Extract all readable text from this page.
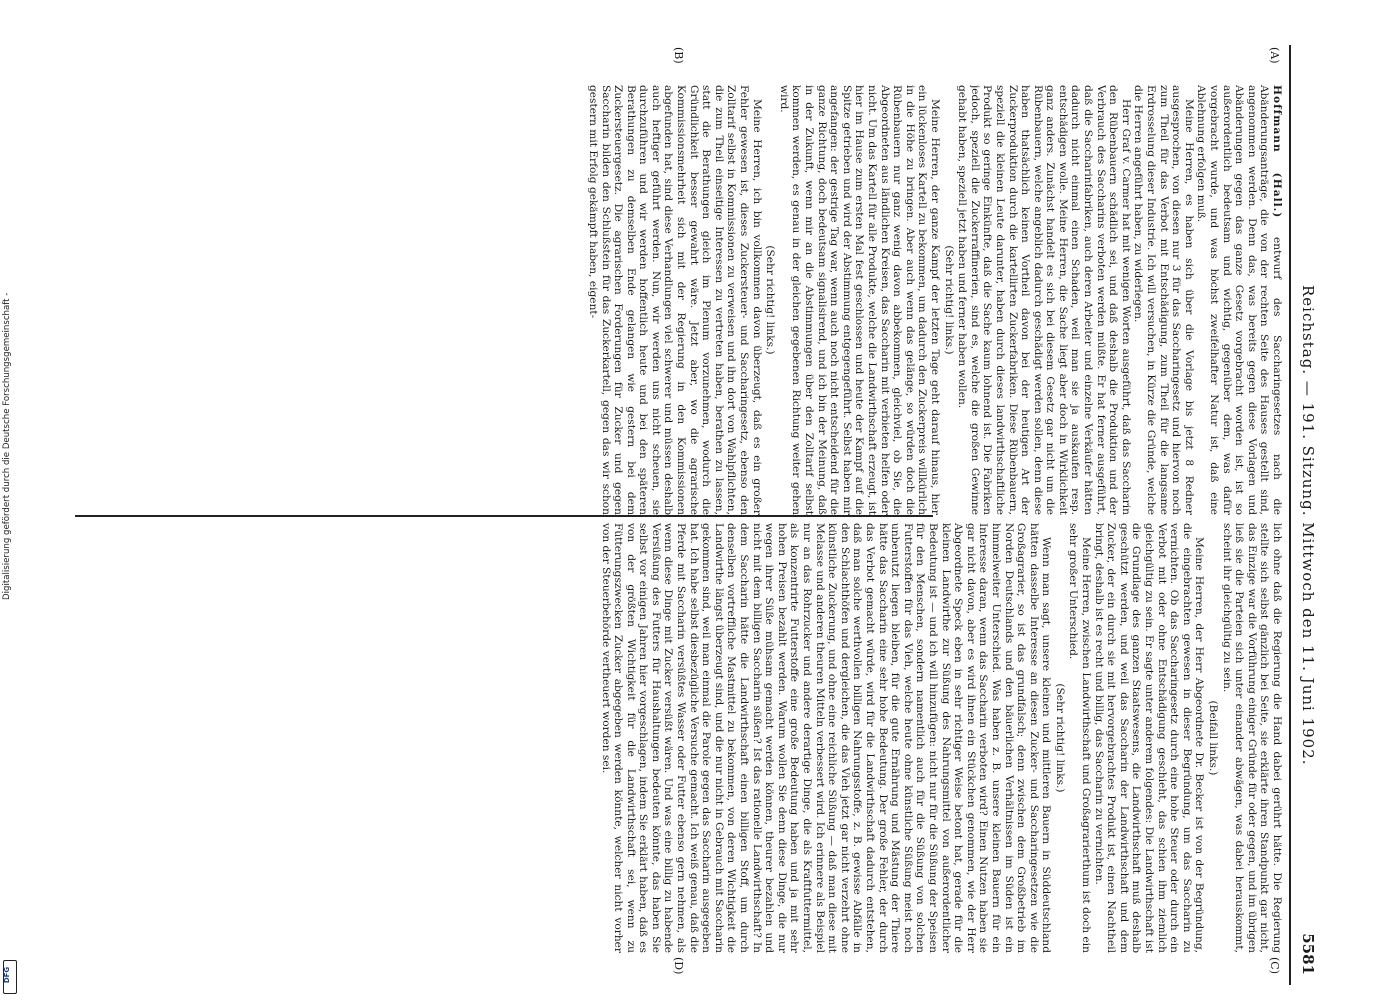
Digitalisierung gefördert durch die Deutsche Forschungsgemeinschaft -
DFG
Reichstag. — 191. Sitzung. Mittwoch den 11. Juni 1902.
5581
(A)
(B)
(C)
(D)

Hoffmann (Hall.) entwurf des Saccharingesetzes nach die Abänderungsanträge, die von der rechten Seite des Hauses gestellt sind, angenommen werden. Denn das, was bereits gegen diese Vorlagen und Abänderungen gegen das ganze Gesetz vorgebracht worden ist, ist so außerordentlich bedeutsam und wichtig, gegenüber dem, was dafür vorgebracht wurde, und was höchst zweifelhafter Natur ist, daß eine Ablehnung erfolgen muß.

Meine Herren, es haben sich über die Vorlage bis jetzt 8 Redner ausgesprochen, von diesen nur 3 für das Saccharingesetz und hiervon noch zum Theil für das Verbot mit Entschädigung, zum Theil für die langsame Erdrosselung dieser Industrie. Ich will versuchen, in Kürze die Gründe, welche die Herren angeführt haben, zu widerlegen.

Herr Graf v. Carmer hat mit wenigen Worten ausgeführt, daß das Saccharin den Rübenbauern schädlich sei, und daß deshalb die Produktion und der Verbrauch des Saccharins verboten werden müßte. Er hat ferner ausgeführt, daß die Saccharinfabriken, auch deren Arbeiter und einzelne Verkäufer hätten dadurch nicht einmal einen Schaden, weil man sie ja auskaufen resp. entschädigen wolle. Meine Herren, die Sache liegt aber doch in Wirklichkeit ganz anders. Zunächst handelt es sich bei diesem Gesetz gar nicht um die Rübenbauern, welche angeblich dadurch geschädigt werden sollen, denn diese haben thatsächlich keinen Vortheil davon bei der heutigen Art der Zuckerproduktion durch die kartellirten Zuckerfabriken. Diese Rübenbauern, speziell die kleinen Leute darunter, haben durch dieses landwirthschaftliche Produkt so geringe Einkünfte, daß die Sache kaum lohnend ist. Die Fabriken jedoch, speziell die Zuckerraffinerien, sind es, welche die großen Gewinne gehabt haben, speziell jetzt haben und ferner haben wollen.

(Sehr richtig! links.)

Meine Herren, der ganze Kampf der letzten Tage geht darauf hinaus, hier ein lückenloses Kartell zu bekommen, um dadurch den Zuckerpreis willkürlich in die Höhe zu bringen. Aber auch wenn das gelänge, so würden doch die Rübenbauern nur ganz wenig davon abbekommen, gleichviel, ob Sie, die Abgeordneten aus ländlichen Kreisen, das Saccharin mit verbieten helfen oder nicht. Um das Kartell für alle Produkte, welche die Landwirthschaft erzeugt, ist hier im Hause zum ersten Mal fest geschlossen und heute der Kampf auf die Spitze getrieben und wird der Abstimmung entgegengeführt. Selbst haben mir angefangen: der gestrige Tag war, wenn auch noch nicht entscheidend für die ganze Richtung, doch bedeutsam signalisirend, und ich bin der Meinung, daß in der Zukunft, wenn mir an die Abstimmungen über den Zolltarif selbst kommen werden, es genau in der gleichen gegebenen Richtung weiter gehen wird.

(Sehr richtig! links.)

Meine Herren, ich bin vollkommen davon überzeugt, daß es ein großer Fehler gewesen ist, dieses Zuckersteuer- und Saccharingesetz, ebenso den Zolltarif selbst in Kommissionen zu verweisen und ihn dort von Wahlpflichten, die zum Theil einseitige Interessen zu vertreten haben, berathen zu lassen, statt die Berathungen gleich im Plenum vorzunehmen, wodurch die Gründlichkeit besser gewahrt wäre. Jetzt aber, wo die agrarische Kommissionsmehrheit sich mit der Regierung in den Kommissionen abgefunden hat, sind diese Verhandlungen viel schwerer und müssen deshalb auch heftiger geführt werden. Nun, wir werden uns nicht scheuen, sie durchzuführen und wir werden hoffentlich heute und bei den späteren Berathungen zu demselben Ende gelangen wie gestern bei dem Zuckersteuergesetz. Die agrarischen Forderungen für Zucker und gegen Saccharin bilden den Schlußstein für das Zuckerkartell, gegen das wir schon gestern mit Erfolg gekämpft haben, eigent-

lich ohne daß die Regierung die Hand dabei gerührt hätte. Die Regierung stellte sich selbst gänzlich bei Seite, sie erklärte ihren Standpunkt gar nicht, das Einzige war die Vorführung einiger Gründe für oder gegen, und im übrigen ließ sie die Parteien sich unter einander abwägen, was dabei herauskommt, scheint ihr gleichgültig zu sein.

(Beifall links.)

Meine Herren, der Herr Abgeordnete Dr. Becker ist von der Begründung, die eingebrachten gewesen in dieser Begründung, um das Saccharin zu vernichten. Ob das Saccharingesetz durch eine hohe Steuer oder durch ein Verbot mit oder ohne Entschädigung geschieht, das schien ihm ziemlich gleichgültig zu sein. Er sagte unter anderem folgendes: Die Landwirthschaft ist die Grundlage des ganzen Staatswesens, die Landwirthschaft muß deshalb geschützt werden, und weil das Saccharin der Landwirthschaft und dem Zucker, der ein durch sie mit hervorgebrachtes Produkt ist, einen Nachtheil bringt, deshalb ist es recht und billig, das Saccharin zu vernichten.

Meine Herren, zwischen Landwirthschaft und Großagrarierthum ist doch ein sehr großer Unterschied.

(Sehr richtig! links.)

Wenn man sagt, unsere kleinen und mittleren Bauern in Süddeutschland hätten dasselbe Interesse an diesen Zucker- und Saccharingesetzen wie die Großagrarier, so ist das grundfalsch; denn zwischen dem Großbetrieb im Norden Deutschlands und den bäuerlichen Verhältnissen im Süden ist ein himmelweiter Unterschied. Was haben z. B. unsere kleinen Bauern für ein Interesse daran, wenn das Saccharin verboten wird? Einen Nutzen haben sie gar nicht davon, aber es wird ihnen ein Stückchen genommen, wie der Herr Abgeordnete Speck eben in sehr richtiger Weise betont hat, gerade für die kleinen Landwirthe zur Süßung des Nahrungsmittel von außerordentlicher Bedeutung ist — und ich will hinzufügen: nicht nur für die Süßung der Speisen für den Menschen, sondern namentlich auch für die Süßung von solchen Futterstoffen für das Vieh, welche heute ohne künstliche Süßung meist noch unbenutzt liegen bleiben, für die gute Ernährung und Mästung der Thiere hätte das Saccharin eine sehr hohe Bedeutung. Der große Fehler, der durch das Verbot gemacht würde, wird für die Landwirthschaft dadurch entstehen, daß man solche werthvollen billigen Nahrungsstoffe, z. B. gewisse Abfälle in den Schlachthöfen und dergleichen, die das Vieh jetzt gar nicht verzehrt ohne künstliche Zuckerung, und ohne eine reichliche Süßung — daß man diese mit Melasse und anderen theuren Mitteln verbessert wird. Ich erinnere als Beispiel nur an das Rohrzucker und andere derartige Dinge, die als Kraftfuttermittel, als konzentrirte Futterstoffe eine große Bedeutung haben und ja mit sehr hohen Preisen bezahlt werden. Warum wollen Sie denn diese Dinge, die nur wegen ihrer Süße mühsam gemacht werden können, theurer bezahlen und nicht mit dem billigen Saccharin süßen? Ist das rationelle Landwirthschaft? In dem Saccharin hätte die Landwirthschaft einen billigen Stoff, um durch denselben vortreffliche Mastmittel zu bekommen, von deren Wichtigkeit die Landwirthe längst überzeugt sind, und die nur nicht in Gebrauch mit Saccharin gekommen sind, weil man einmal die Parole gegen das Saccharin ausgegeben hat. Ich habe selbst diesbezügliche Versuche gemacht. Ich weiß genau, daß die Pferde mit Saccharin versüßtes Wasser oder Futter ebenso gern nehmen, als wenn diese Dinge mit Zucker versüßt wären. Und was eine billig zu habende Versüßung des Futters für Haushaltungen bedeuten könnte, das haben Sie selbst vor einigen Jahren hier vorgeschlagen, indem Sie erklärt haben, daß es von der größten Wichtigkeit für die Landwirthschaft sei, wenn zu Fütterungszwecken Zucker abgegeben werden könnte, welcher nicht vorher von der Steuerbehörde vertheuert worden sei.
